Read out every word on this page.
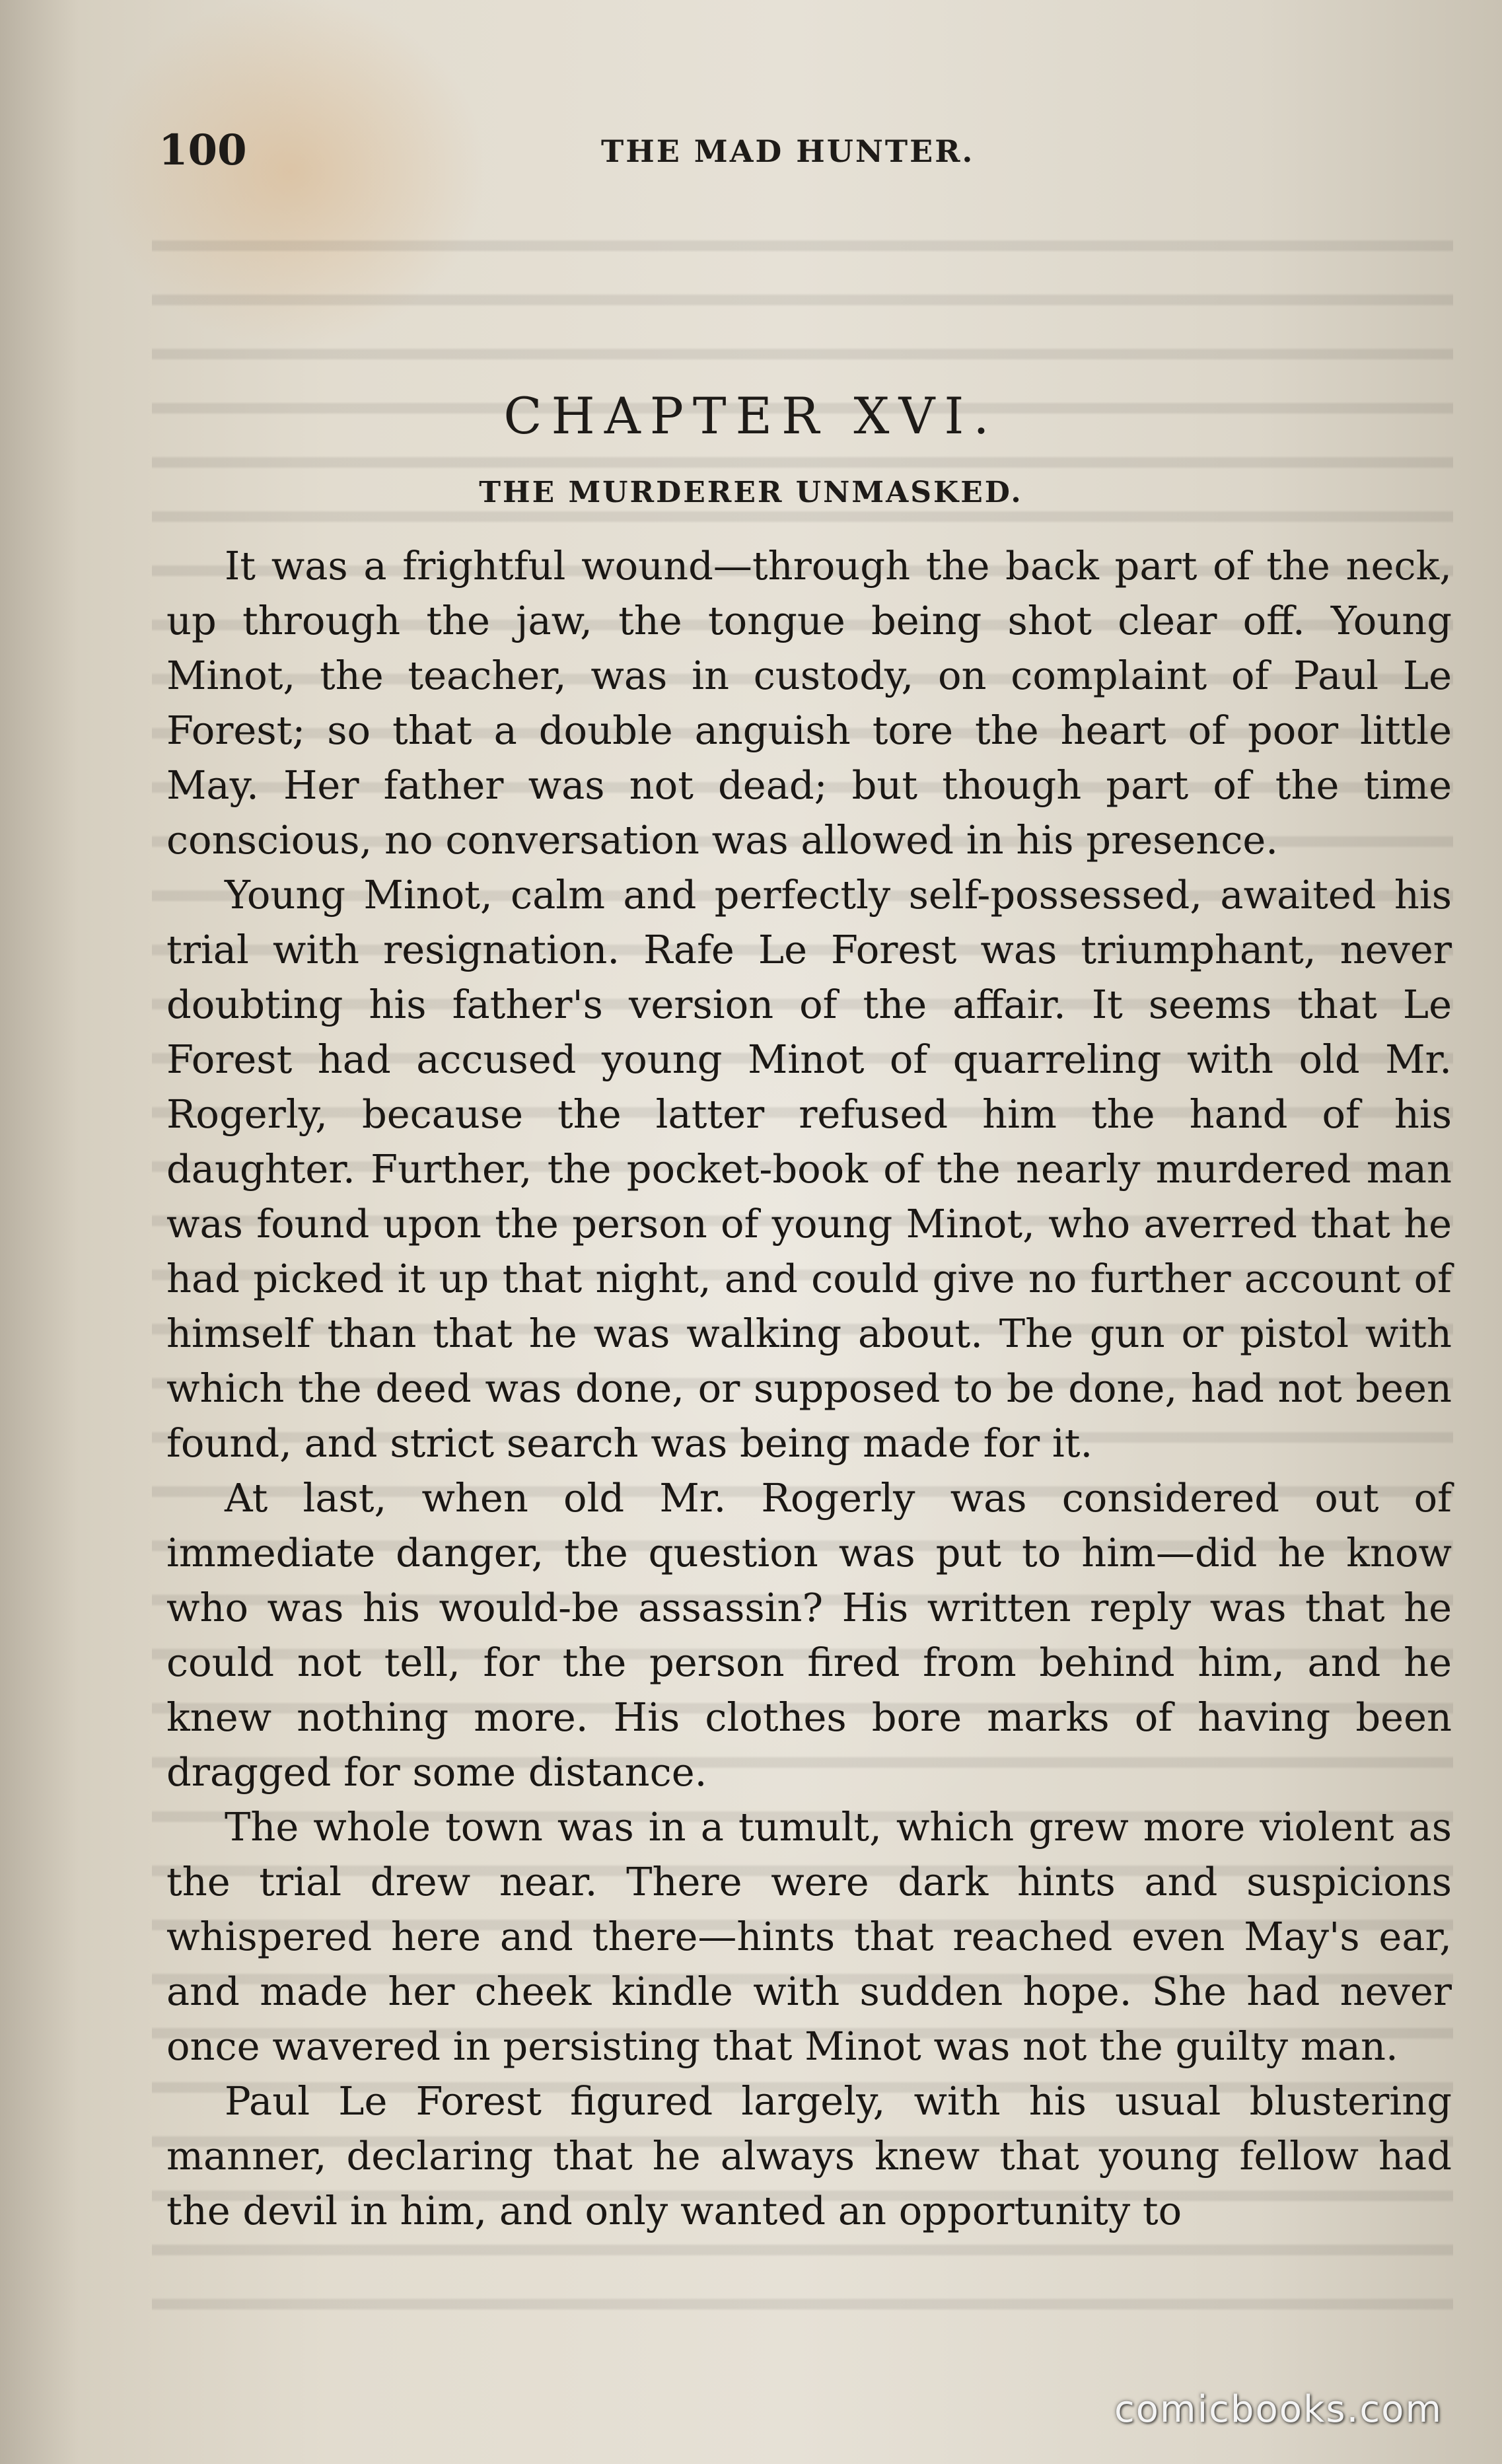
100	THE MAD HUNTER.
CHAPTER XVI.
THE MURDERER UNMASKED.

It was a frightful wound—through the back part of the neck, up through the jaw, the tongue being shot clear off. Young Minot, the teacher, was in custody, on complaint of Paul Le Forest; so that a double anguish tore the heart of poor little May. Her father was not dead; but though part of the time conscious, no conversation was allowed in his presence.

Young Minot, calm and perfectly self-possessed, awaited his trial with resignation. Rafe Le Forest was triumphant, never doubting his father's version of the affair. It seems that Le Forest had accused young Minot of quarreling with old Mr. Rogerly, because the latter refused him the hand of his daughter. Further, the pocket-book of the nearly murdered man was found upon the person of young Minot, who averred that he had picked it up that night, and could give no further account of himself than that he was walking about. The gun or pistol with which the deed was done, or supposed to be done, had not been found, and strict search was being made for it.

At last, when old Mr. Rogerly was considered out of immediate danger, the question was put to him—did he know who was his would-be assassin? His written reply was that he could not tell, for the person fired from behind him, and he knew nothing more. His clothes bore marks of having been dragged for some distance.

The whole town was in a tumult, which grew more violent as the trial drew near. There were dark hints and suspicions whispered here and there—hints that reached even May's ear, and made her cheek kindle with sudden hope. She had never once wavered in persisting that Minot was not the guilty man.

Paul Le Forest figured largely, with his usual blustering manner, declaring that he always knew that young fellow had the devil in him, and only wanted an opportunity to

comicbooks.com
